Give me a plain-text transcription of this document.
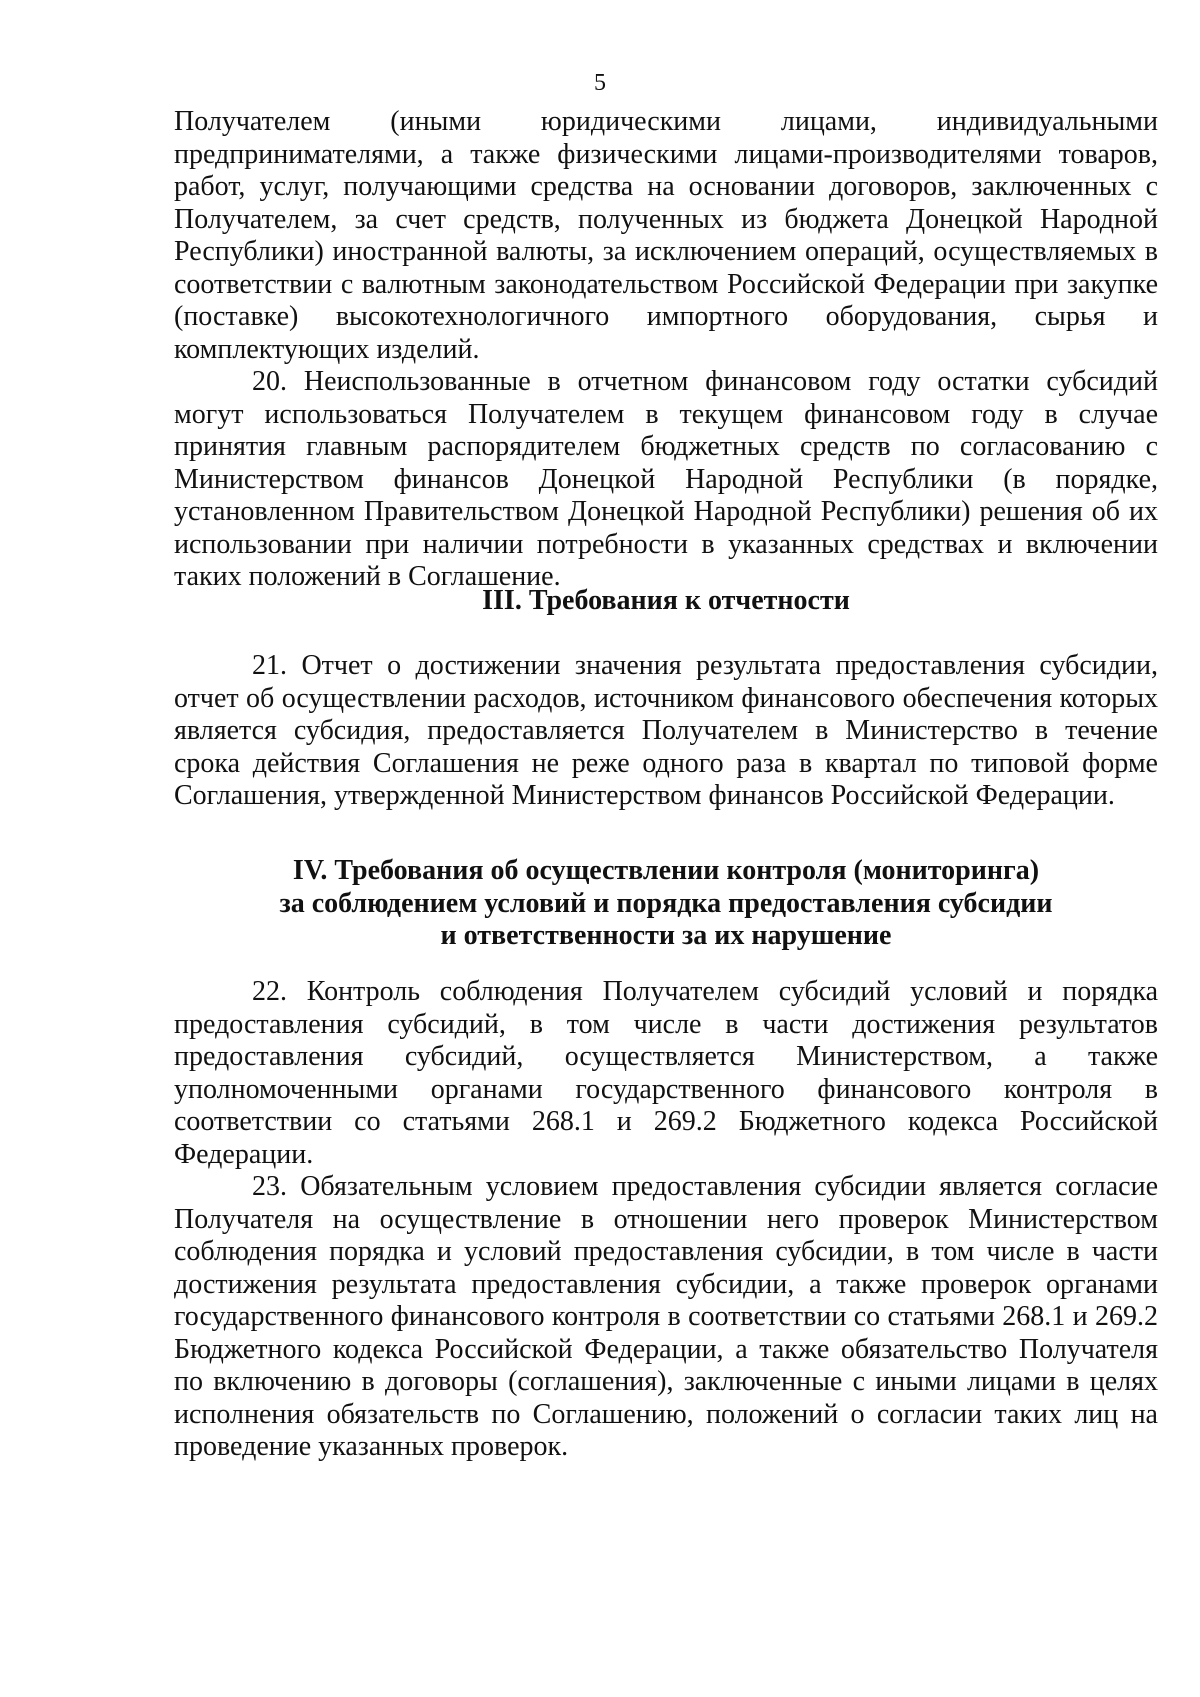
5

Получателем (иными юридическими лицами, индивидуальными предпринимателями, а также физическими лицами-производителями товаров, работ, услуг, получающими средства на основании договоров, заключенных с Получателем, за счет средств, полученных из бюджета Донецкой Народной Республики) иностранной валюты, за исключением операций, осуществляемых в соответствии с валютным законодательством Российской Федерации при закупке (поставке) высокотехнологичного импортного оборудования, сырья и комплектующих изделий.

20. Неиспользованные в отчетном финансовом году остатки субсидий могут использоваться Получателем в текущем финансовом году в случае принятия главным распорядителем бюджетных средств по согласованию с Министерством финансов Донецкой Народной Республики (в порядке, установленном Правительством Донецкой Народной Республики) решения об их использовании при наличии потребности в указанных средствах и включении таких положений в Соглашение.

III. Требования к отчетности

21. Отчет о достижении значения результата предоставления субсидии, отчет об осуществлении расходов, источником финансового обеспечения которых является субсидия, предоставляется Получателем в Министерство в течение срока действия Соглашения не реже одного раза в квартал по типовой форме Соглашения, утвержденной Министерством финансов Российской Федерации.

IV. Требования об осуществлении контроля (мониторинга)
за соблюдением условий и порядка предоставления субсидии
и ответственности за их нарушение

22. Контроль соблюдения Получателем субсидий условий и порядка предоставления субсидий, в том числе в части достижения результатов предоставления субсидий, осуществляется Министерством, а также уполномоченными органами государственного финансового контроля в соответствии со статьями 268.1 и 269.2 Бюджетного кодекса Российской Федерации.

23. Обязательным условием предоставления субсидии является согласие Получателя на осуществление в отношении него проверок Министерством соблюдения порядка и условий предоставления субсидии, в том числе в части достижения результата предоставления субсидии, а также проверок органами государственного финансового контроля в соответствии со статьями 268.1 и 269.2 Бюджетного кодекса Российской Федерации, а также обязательство Получателя по включению в договоры (соглашения), заключенные с иными лицами в целях исполнения обязательств по Соглашению, положений о согласии таких лиц на проведение указанных проверок.
